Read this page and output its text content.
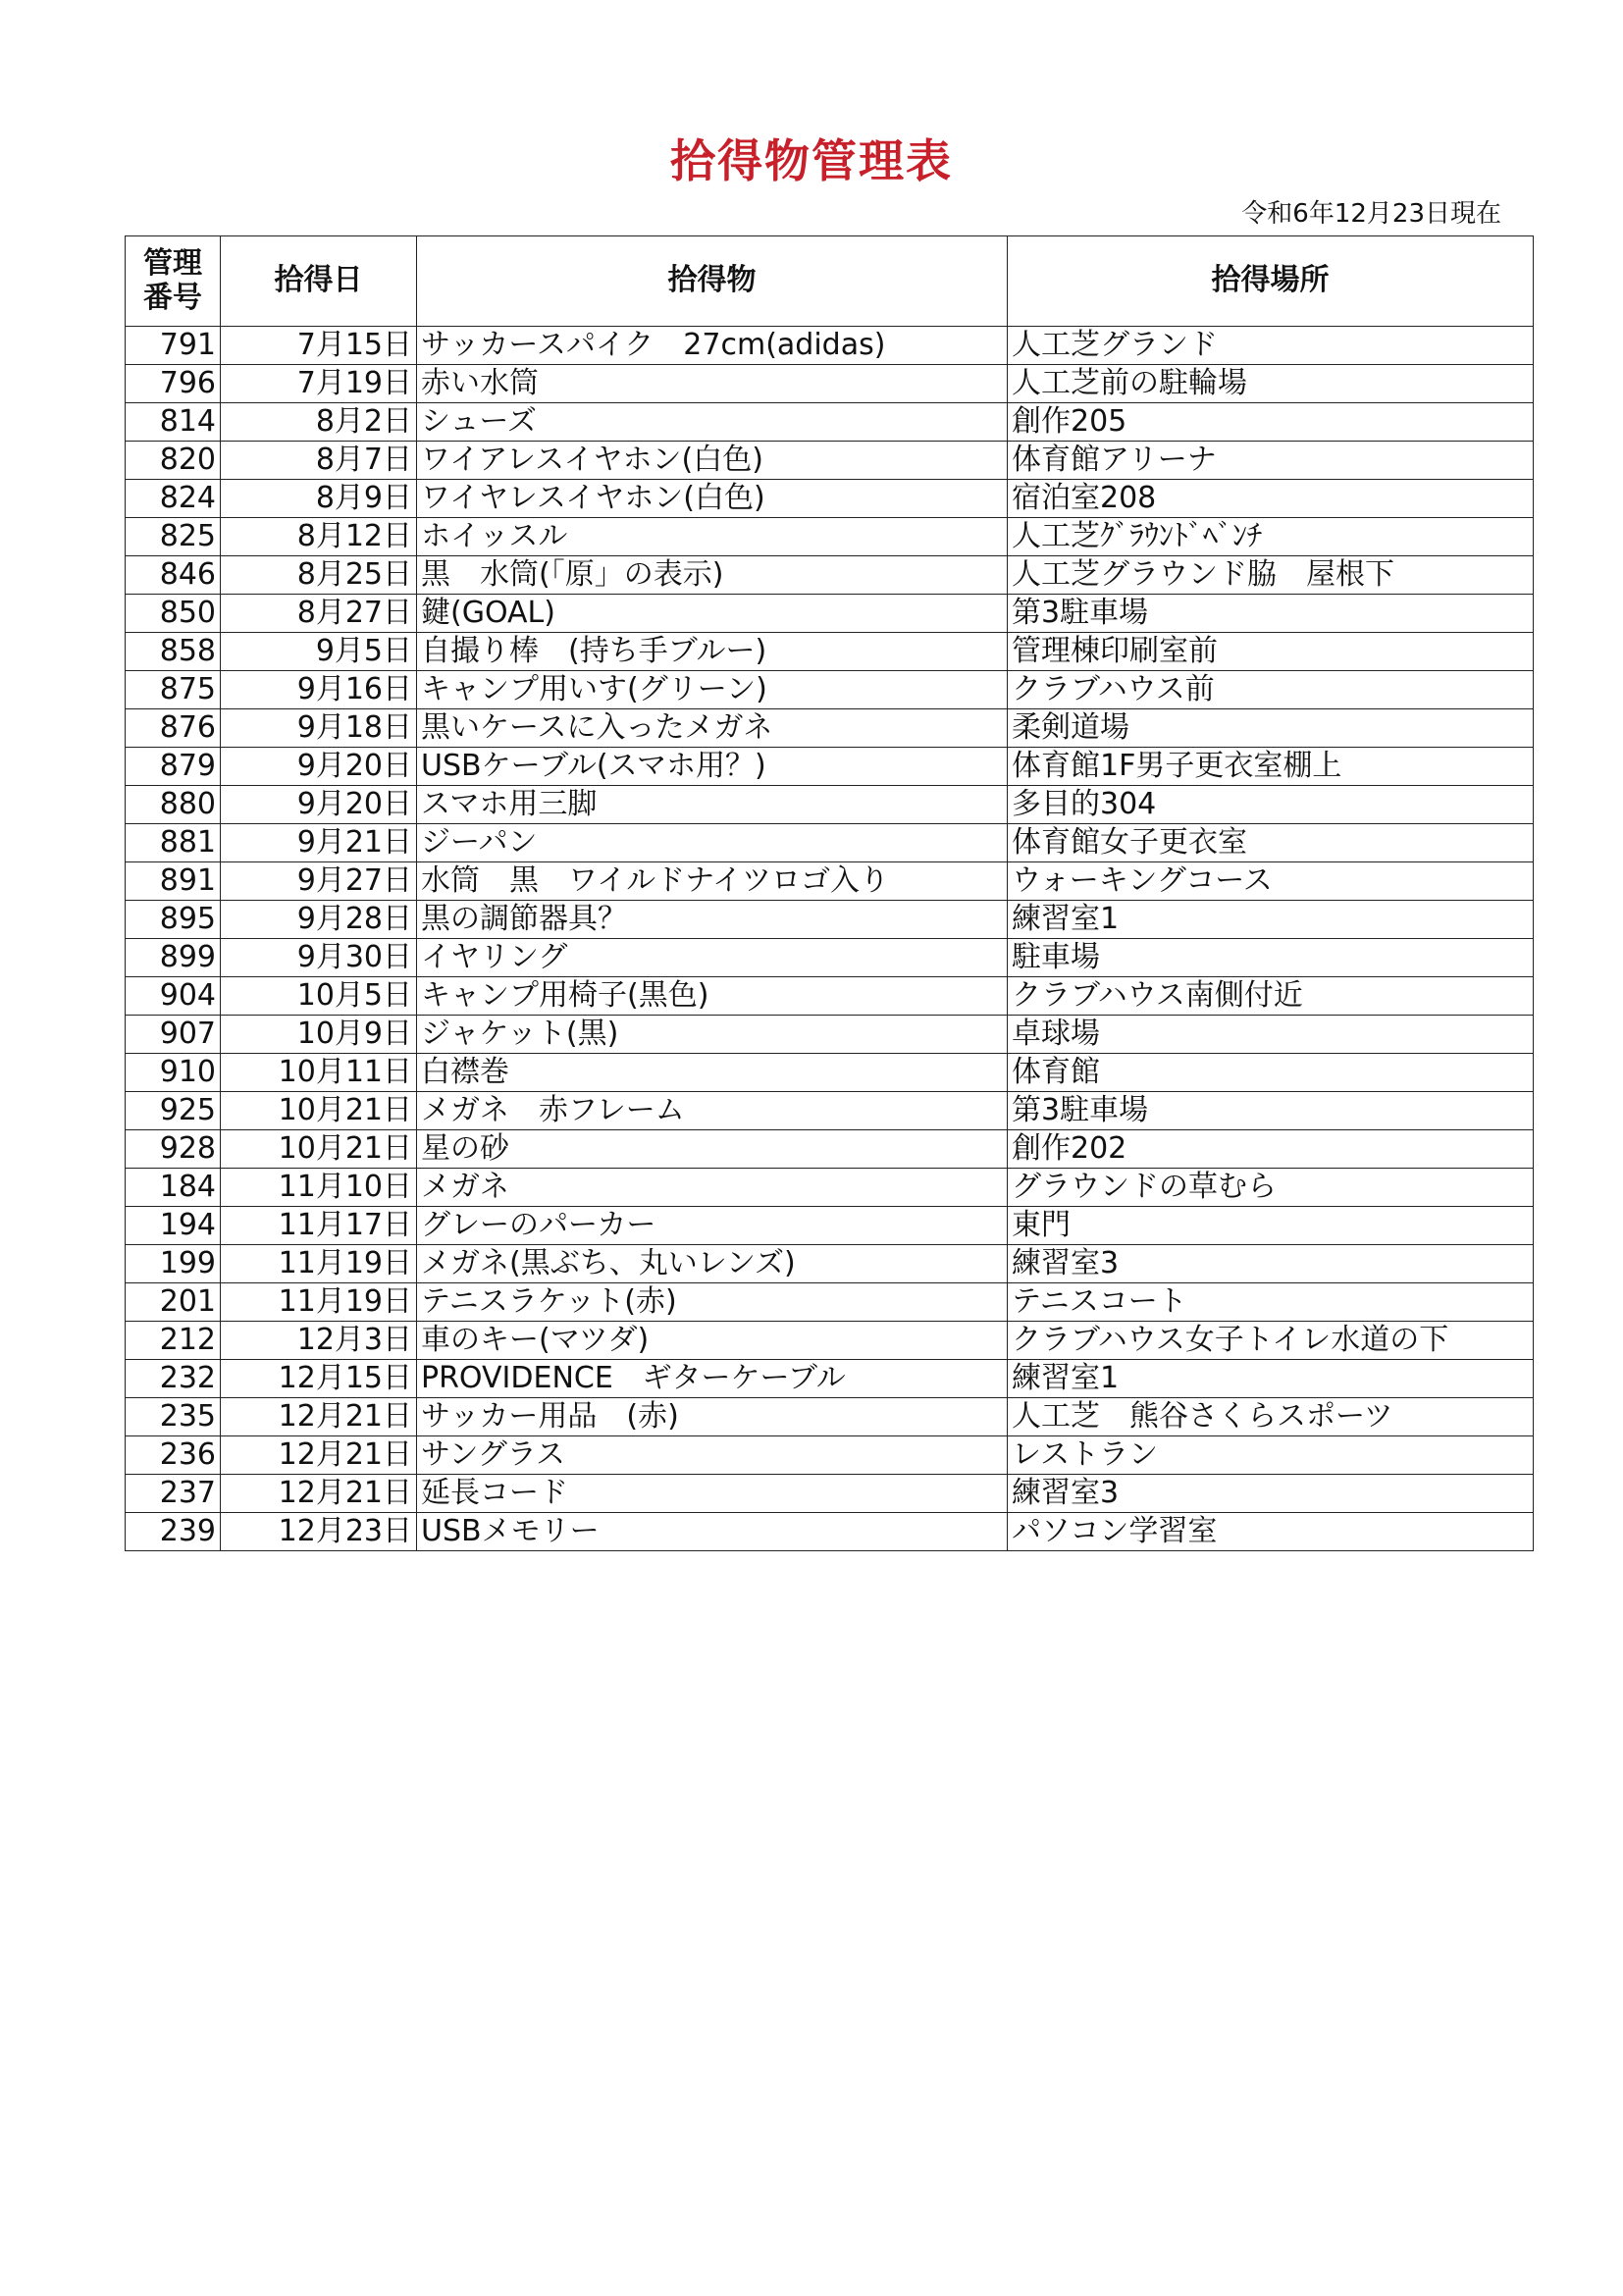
拾得物管理表
令和6年12月23日現在
管理
番号	拾得日	拾得物	拾得場所
791	7月15日	サッカースパイク　27cm(adidas)	人工芝グランド
796	7月19日	赤い水筒	人工芝前の駐輪場
814	8月2日	シューズ	創作205
820	8月7日	ワイアレスイヤホン(白色)	体育館アリーナ
824	8月9日	ワイヤレスイヤホン(白色)	宿泊室208
825	8月12日	ホイッスル	人工芝ｸﾞﾗｳﾝﾄﾞﾍﾞﾝﾁ
846	8月25日	黒　水筒(「原」の表示)	人工芝グラウンド脇　屋根下
850	8月27日	鍵(GOAL)	第3駐車場
858	9月5日	自撮り棒　(持ち手ブルー)	管理棟印刷室前
875	9月16日	キャンプ用いす(グリーン)	クラブハウス前
876	9月18日	黒いケースに入ったメガネ	柔剣道場
879	9月20日	USBケーブル(スマホ用？)	体育館1F男子更衣室棚上
880	9月20日	スマホ用三脚	多目的304
881	9月21日	ジーパン	体育館女子更衣室
891	9月27日	水筒　黒　ワイルドナイツロゴ入り	ウォーキングコース
895	9月28日	黒の調節器具？	練習室1
899	9月30日	イヤリング	駐車場
904	10月5日	キャンプ用椅子(黒色)	クラブハウス南側付近
907	10月9日	ジャケット(黒)	卓球場
910	10月11日	白襟巻	体育館
925	10月21日	メガネ　赤フレーム	第3駐車場
928	10月21日	星の砂	創作202
184	11月10日	メガネ	グラウンドの草むら
194	11月17日	グレーのパーカー	東門
199	11月19日	メガネ(黒ぶち、丸いレンズ)	練習室3
201	11月19日	テニスラケット(赤)	テニスコート
212	12月3日	車のキー(マツダ)	クラブハウス女子トイレ水道の下
232	12月15日	PROVIDENCE　ギターケーブル	練習室1
235	12月21日	サッカー用品　(赤)	人工芝　熊谷さくらスポーツ
236	12月21日	サングラス	レストラン
237	12月21日	延長コード	練習室3
239	12月23日	USBメモリー	パソコン学習室
